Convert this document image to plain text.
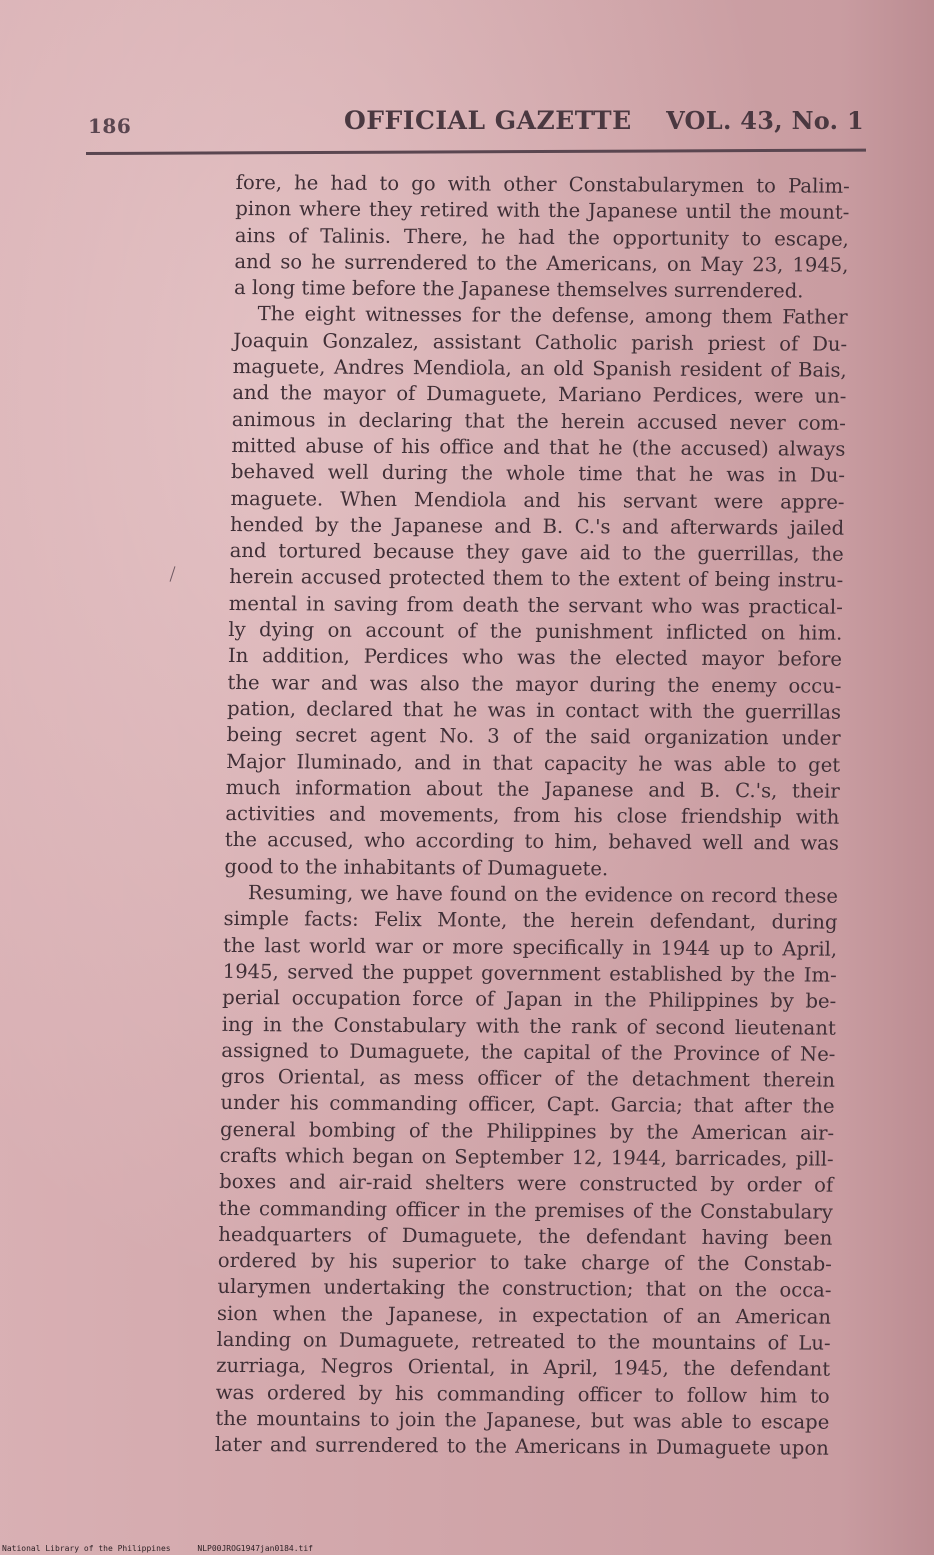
186	OFFICIAL GAZETTE VOL. 43, No. 1
fore, he had to go with other Constabularymen to Palim-
pinon where they retired with the Japanese until the mount-
ains of Talinis. There, he had the opportunity to escape,
and so he surrendered to the Americans, on May 23, 1945,
a long time before the Japanese themselves surrendered.
The eight witnesses for the defense, among them Father
Joaquin Gonzalez, assistant Catholic parish priest of Du-
maguete, Andres Mendiola, an old Spanish resident of Bais,
and the mayor of Dumaguete, Mariano Perdices, were un-
animous in declaring that the herein accused never com-
mitted abuse of his office and that he (the accused) always
behaved well during the whole time that he was in Du-
maguete. When Mendiola and his servant were appre-
hended by the Japanese and B. C.'s and afterwards jailed
and tortured because they gave aid to the guerrillas, the
herein accused protected them to the extent of being instru-
mental in saving from death the servant who was practical-
ly dying on account of the punishment inflicted on him.
In addition, Perdices who was the elected mayor before
the war and was also the mayor during the enemy occu-
pation, declared that he was in contact with the guerrillas
being secret agent No. 3 of the said organization under
Major Iluminado, and in that capacity he was able to get
much information about the Japanese and B. C.'s, their
activities and movements, from his close friendship with
the accused, who according to him, behaved well and was
good to the inhabitants of Dumaguete.
Resuming, we have found on the evidence on record these
simple facts: Felix Monte, the herein defendant, during
the last world war or more specifically in 1944 up to April,
1945, served the puppet government established by the Im-
perial occupation force of Japan in the Philippines by be-
ing in the Constabulary with the rank of second lieutenant
assigned to Dumaguete, the capital of the Province of Ne-
gros Oriental, as mess officer of the detachment therein
under his commanding officer, Capt. Garcia; that after the
general bombing of the Philippines by the American air-
crafts which began on September 12, 1944, barricades, pill-
boxes and air-raid shelters were constructed by order of
the commanding officer in the premises of the Constabulary
headquarters of Dumaguete, the defendant having been
ordered by his superior to take charge of the Constab-
ularymen undertaking the construction; that on the occa-
sion when the Japanese, in expectation of an American
landing on Dumaguete, retreated to the mountains of Lu-
zurriaga, Negros Oriental, in April, 1945, the defendant
was ordered by his commanding officer to follow him to
the mountains to join the Japanese, but was able to escape
later and surrendered to the Americans in Dumaguete upon
National Library of the Philippines	NLP00JROG1947jan0184.tif
